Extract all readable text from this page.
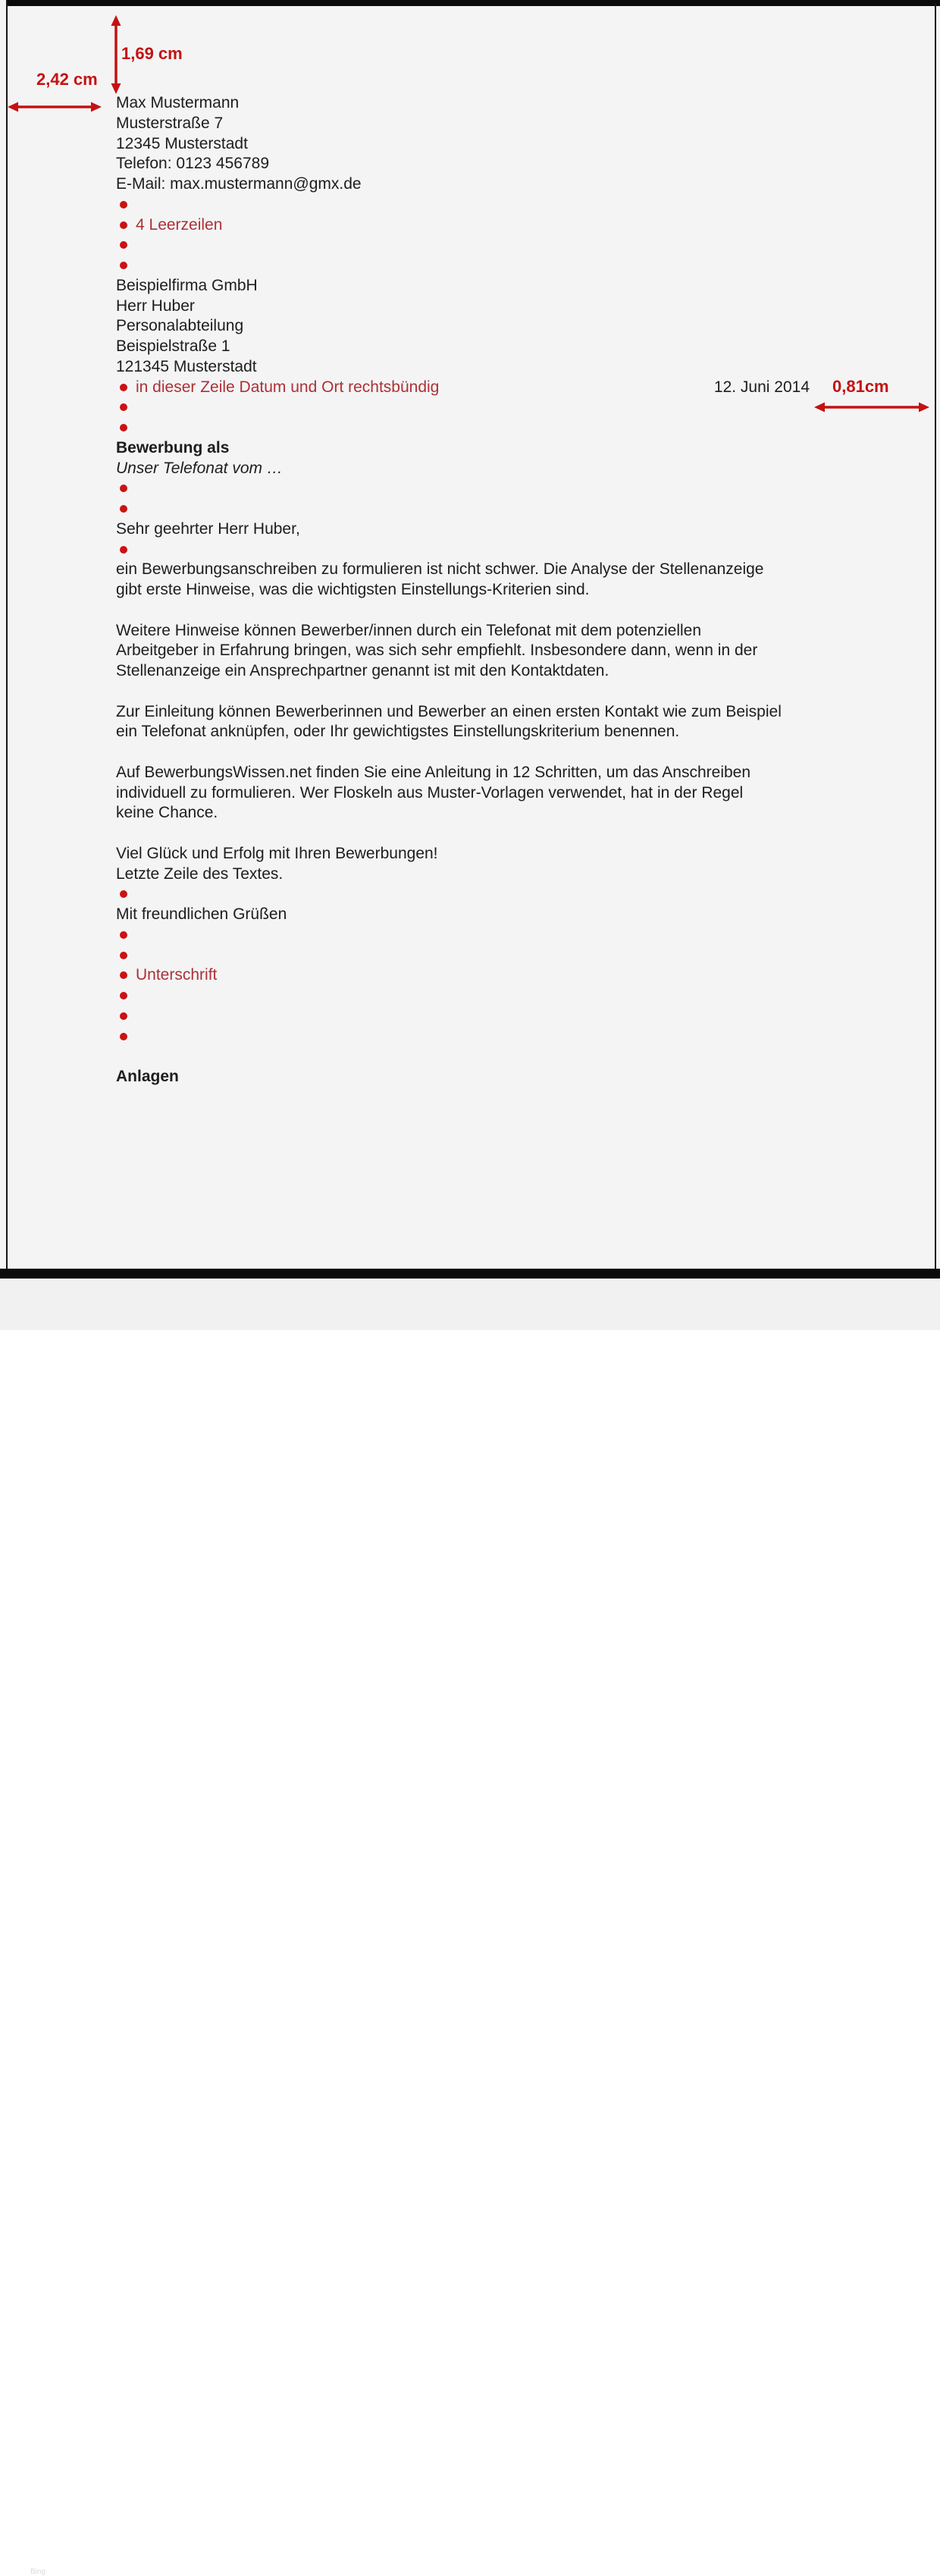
1,69 cm
2,42 cm
0,81cm
Max Mustermann
Musterstraße 7
12345 Musterstadt
Telefon: 0123 456789
E-Mail: max.mustermann@gmx.de
4 Leerzeilen
Beispielfirma GmbH
Herr Huber
Personalabteilung
Beispielstraße 1
121345 Musterstadt
in dieser Zeile Datum und Ort rechtsbündig	12. Juni 2014
Bewerbung als
Unser Telefonat vom …
Sehr geehrter Herr Huber,
ein Bewerbungsanschreiben zu formulieren ist nicht schwer. Die Analyse der Stellenanzeige
gibt erste Hinweise, was die wichtigsten Einstellungs-Kriterien sind.
Weitere Hinweise können Bewerber/innen durch ein Telefonat mit dem potenziellen
Arbeitgeber in Erfahrung bringen, was sich sehr empfiehlt. Insbesondere dann, wenn in der
Stellenanzeige ein Ansprechpartner genannt ist mit den Kontaktdaten.
Zur Einleitung können Bewerberinnen und Bewerber an einen ersten Kontakt wie zum Beispiel
ein Telefonat anknüpfen, oder Ihr gewichtigstes Einstellungskriterium benennen.
Auf BewerbungsWissen.net finden Sie eine Anleitung in 12 Schritten, um das Anschreiben
individuell zu formulieren. Wer Floskeln aus Muster-Vorlagen verwendet, hat in der Regel
keine Chance.
Viel Glück und Erfolg mit Ihren Bewerbungen!
Letzte Zeile des Textes.
Mit freundlichen Grüßen
Unterschrift
Anlagen
Bing
